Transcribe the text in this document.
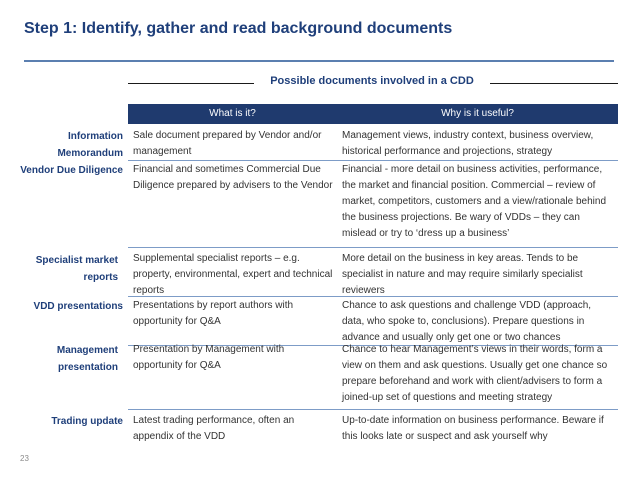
Step 1: Identify, gather and read background documents
Possible documents involved in a CDD
What is it?	Why is it useful?
Information Memorandum
Sale document prepared by Vendor and/or management
Management views, industry context, business overview, historical performance and projections, strategy
Vendor Due Diligence Financial and sometimes Commercial Due Diligence prepared by advisers to the Vendor
Financial - more detail on business activities, performance, the market and financial position. Commercial – review of market, competitors, customers and a view/rationale behind the business projections. Be wary of VDDs – they can mislead or try to ‘dress up a business’
Specialist market reports
Supplemental specialist reports – e.g. property, environmental, expert and technical reports
More detail on the business in key areas. Tends to be specialist in nature and may require similarly specialist reviewers
VDD presentations Presentations by report authors with opportunity for Q&A
Chance to ask questions and challenge VDD (approach, data, who spoke to, conclusions). Prepare questions in advance and usually only get one or two chances
Management presentation
Presentation by Management with opportunity for Q&A
Chance to hear Management’s views in their words, form a view on them and ask questions. Usually get one chance so prepare beforehand and work with client/advisers to form a joined-up set of questions and meeting strategy
Trading update Latest trading performance, often an appendix of the VDD
Up-to-date information on business performance. Beware if this looks late or suspect and ask yourself why
23
